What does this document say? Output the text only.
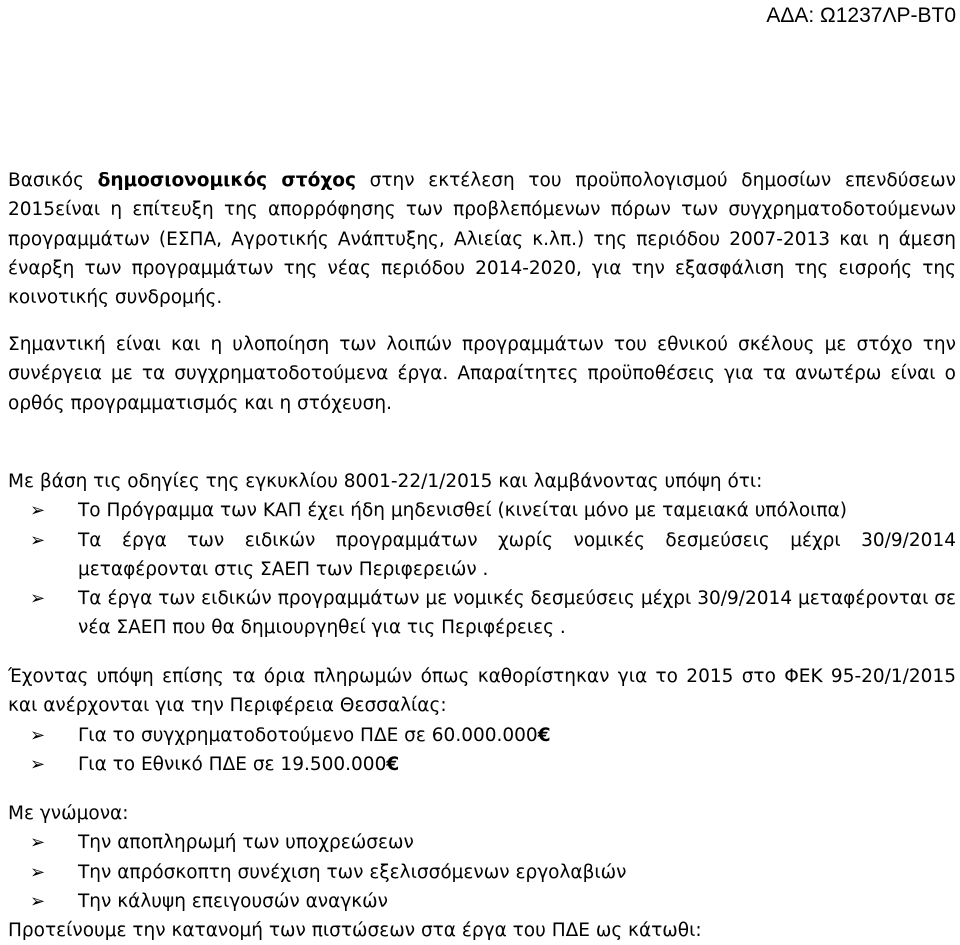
ΑΔΑ: Ω1237ΛΡ-ΒΤ0
Βασικός δημοσιονομικός στόχος στην εκτέλεση του προϋπολογισμού δημοσίων επενδύσεων 2015είναι η επίτευξη της απορρόφησης των προβλεπόμενων πόρων των συγχρηματοδοτούμενων προγραμμάτων (ΕΣΠΑ, Αγροτικής Ανάπτυξης, Αλιείας κ.λπ.) της περιόδου 2007-2013 και η άμεση έναρξη των προγραμμάτων της νέας περιόδου 2014-2020, για την εξασφάλιση της εισροής της κοινοτικής συνδρομής.
Σημαντική είναι και η υλοποίηση των λοιπών προγραμμάτων του εθνικού σκέλους με στόχο την συνέργεια με τα συγχρηματοδοτούμενα έργα. Απαραίτητες προϋποθέσεις για τα ανωτέρω είναι ο ορθός προγραμματισμός και η στόχευση.
Με βάση τις οδηγίες της εγκυκλίου 8001-22/1/2015 και λαμβάνοντας υπόψη ότι:
➢	Το Πρόγραμμα των ΚΑΠ έχει ήδη μηδενισθεί (κινείται μόνο με ταμειακά υπόλοιπα)
➢	Τα έργα των ειδικών προγραμμάτων χωρίς νομικές δεσμεύσεις μέχρι 30/9/2014 μεταφέρονται στις ΣΑΕΠ των Περιφερειών .
➢	Τα έργα των ειδικών προγραμμάτων με νομικές δεσμεύσεις μέχρι 30/9/2014 μεταφέρονται σε νέα ΣΑΕΠ που θα δημιουργηθεί για τις Περιφέρειες .
Έχοντας υπόψη επίσης τα όρια πληρωμών όπως καθορίστηκαν για το 2015 στο ΦΕΚ 95-20/1/2015 και ανέρχονται για την Περιφέρεια Θεσσαλίας:
➢	Για το συγχρηματοδοτούμενο ΠΔΕ σε 60.000.000€
➢	Για το Εθνικό ΠΔΕ σε 19.500.000€
Με γνώμονα:
➢	Την αποπληρωμή των υποχρεώσεων
➢	Την απρόσκοπτη συνέχιση των εξελισσόμενων εργολαβιών
➢	Την κάλυψη επειγουσών αναγκών
Προτείνουμε την κατανομή των πιστώσεων στα έργα του ΠΔΕ ως κάτωθι:
